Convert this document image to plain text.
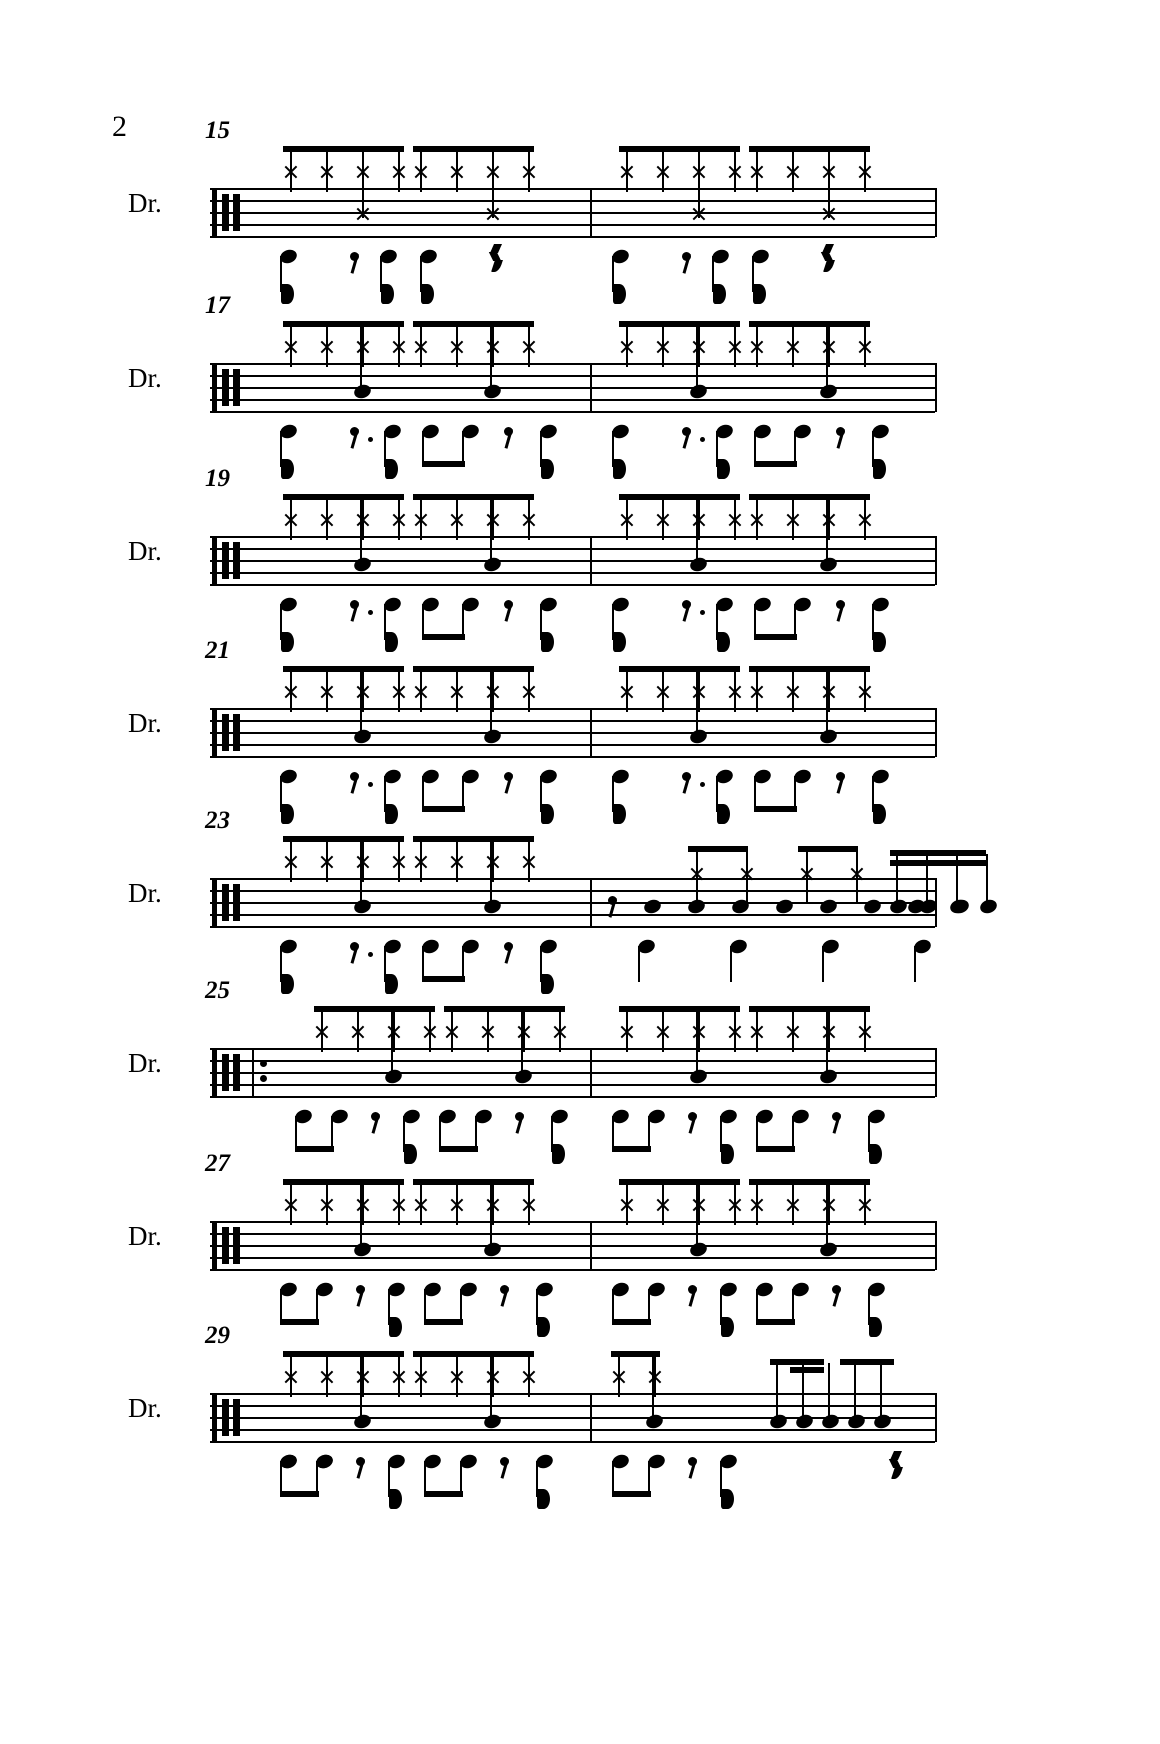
2	15
Dr.
♩
♩
17
Dr.
19
Dr.
21
Dr.
23
Dr.
25
Dr.
27
Dr.
29
Dr.
♩
